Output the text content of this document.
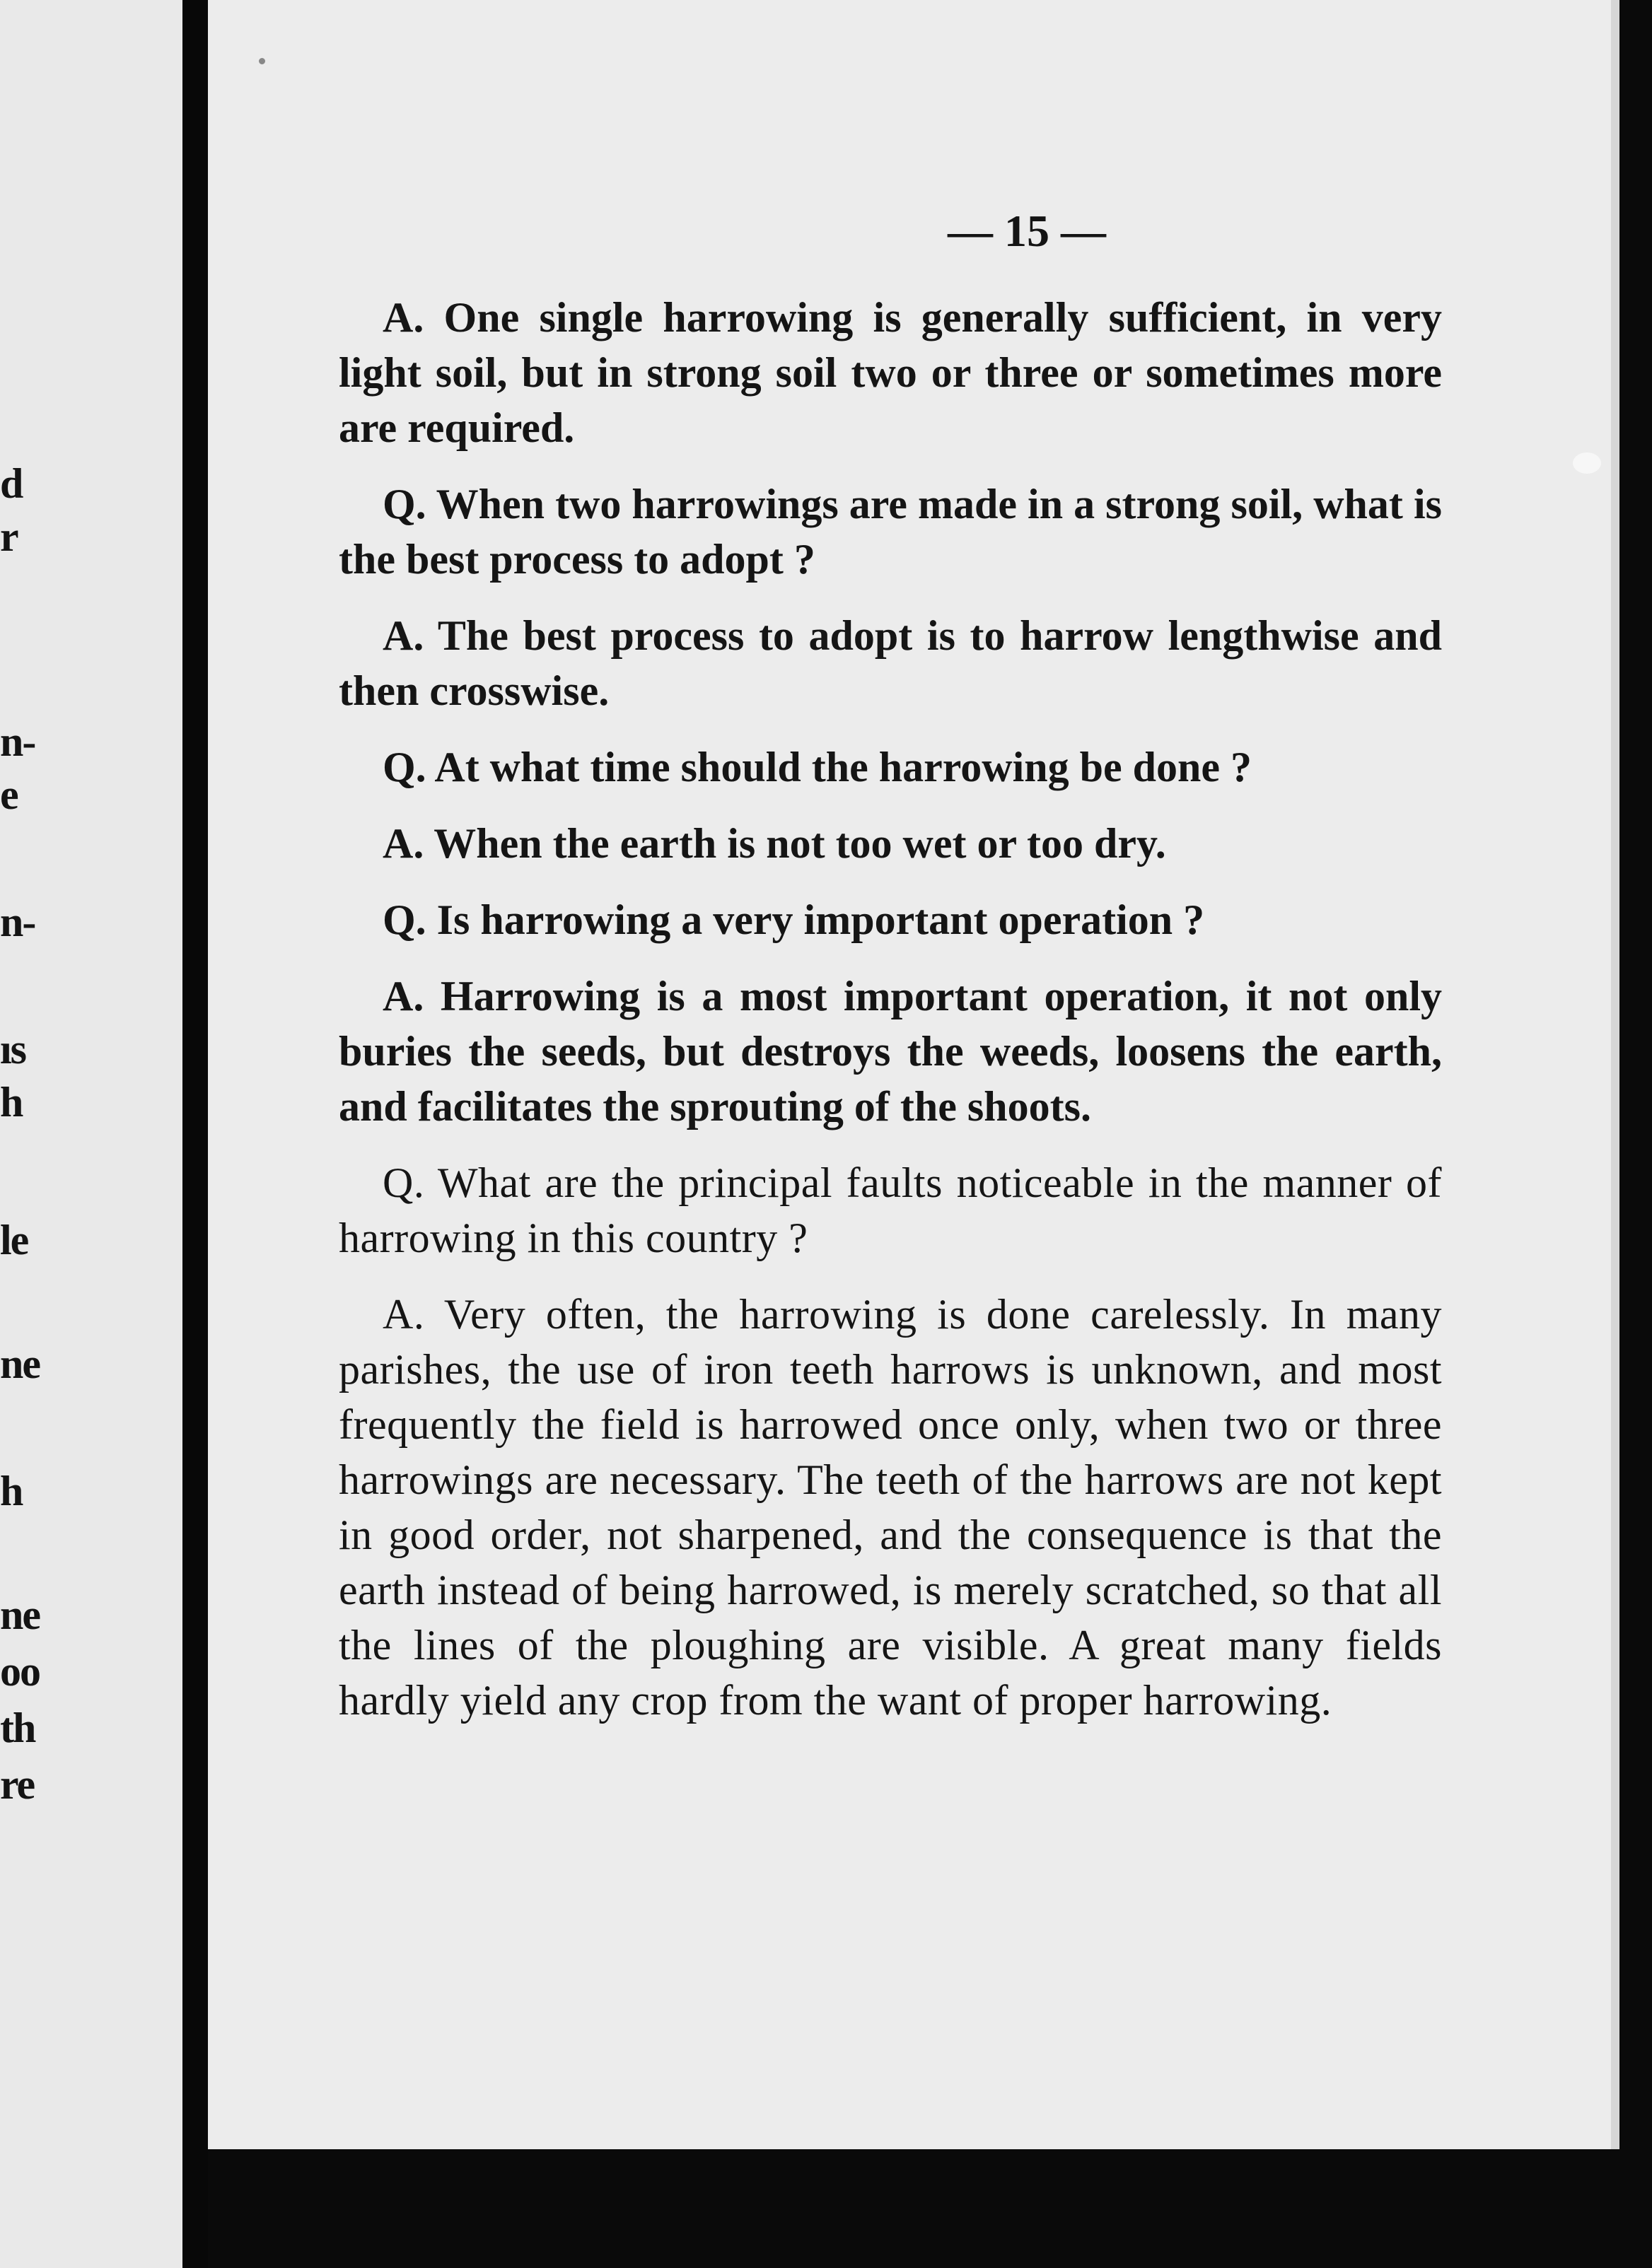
d
r
n-
e
n-
ıs
h
le
ne
h
ne
oo
th
re
— 15 —

A. One single harrowing is generally sufficient, in very light soil, but in strong soil two or three or sometimes more are required.

Q. When two harrowings are made in a strong soil, what is the best process to adopt ?

A. The best process to adopt is to harrow lengthwise and then crosswise.

Q. At what time should the harrowing be done ?

A. When the earth is not too wet or too dry.

Q. Is harrowing a very important operation ?

A. Harrowing is a most important operation, it not only buries the seeds, but destroys the weeds, loosens the earth, and facilitates the sprouting of the shoots.

Q. What are the principal faults noticeable in the manner of harrowing in this country ?

A. Very often, the harrowing is done carelessly. In many parishes, the use of iron teeth harrows is unknown, and most frequently the field is harrowed once only, when two or three harrowings are necessary. The teeth of the harrows are not kept in good order, not sharpened, and the consequence is that the earth instead of being harrowed, is merely scratched, so that all the lines of the ploughing are visible. A great many fields hardly yield any crop from the want of proper harrowing.
